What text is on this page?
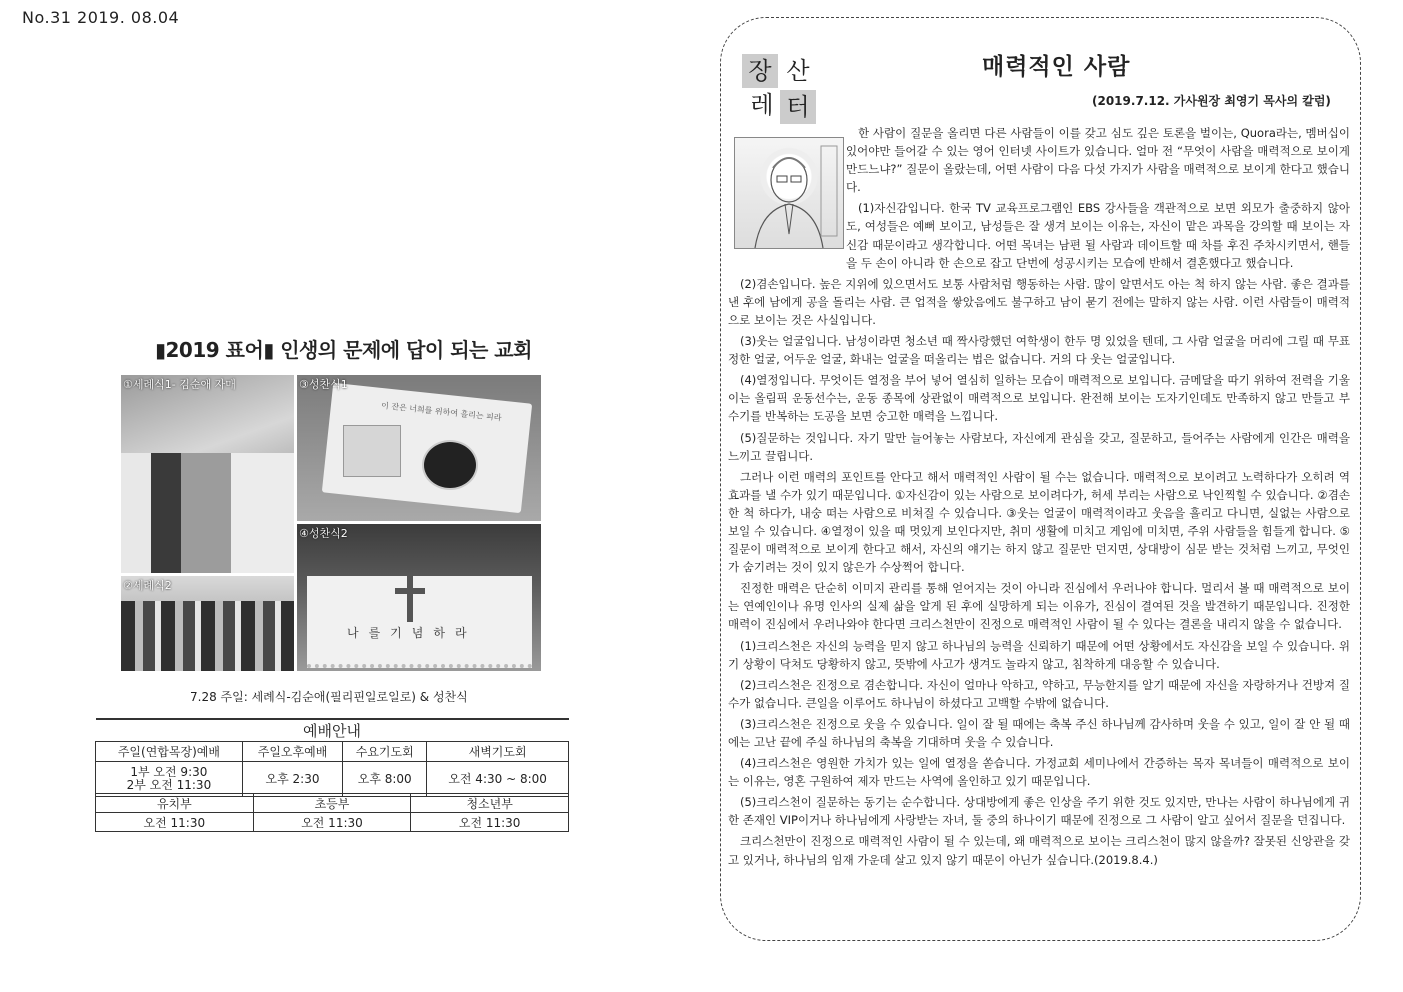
No.31 2019. 08.04
▮2019 표어▮ 인생의 문제에 답이 되는 교회
①세례식1- 김순애 자매
이 잔은 너희를 위하여 흘리는 피라
③성찬식1
나를기념하라
④성찬식2
②세례식2
7.28 주일: 세례식-김순애(필리핀일로일로) & 성찬식
예배안내			
주일(연합목장)예배	주일오후예배	수요기도회	새벽기도회

1부 오전 9:30
2부 오전 11:30	오후 2:30	오후 8:00	오전 4:30 ~ 8:00
유치부	초등부	청소년부
오전 11:30	오전 11:30	오전 11:30
장 산
레 터
매력적인 사람
(2019.7.12. 가사원장 최영기 목사의 칼럼)

한 사람이 질문을 올리면 다른 사람들이 이를 갖고 심도 깊은 토론을 벌이는, Quora라는, 멤버십이 있어야만 들어갈 수 있는 영어 인터넷 사이트가 있습니다. 얼마 전 “무엇이 사람을 매력적으로 보이게 만드느냐?” 질문이 올랐는데, 어떤 사람이 다음 다섯 가지가 사람을 매력적으로 보이게 한다고 했습니다.

(1)자신감입니다. 한국 TV 교육프로그램인 EBS 강사들을 객관적으로 보면 외모가 출중하지 않아도, 여성들은 예뻐 보이고, 남성들은 잘 생겨 보이는 이유는, 자신이 맡은 과목을 강의할 때 보이는 자신감 때문이라고 생각합니다. 어떤 목녀는 남편 될 사람과 데이트할 때 차를 후진 주차시키면서, 핸들을 두 손이 아니라 한 손으로 잡고 단번에 성공시키는 모습에 반해서 결혼했다고 했습니다.

(2)겸손입니다. 높은 지위에 있으면서도 보통 사람처럼 행동하는 사람. 많이 알면서도 아는 척 하지 않는 사람. 좋은 결과를 낸 후에 남에게 공을 돌리는 사람. 큰 업적을 쌓았음에도 불구하고 남이 묻기 전에는 말하지 않는 사람. 이런 사람들이 매력적으로 보이는 것은 사실입니다.

(3)웃는 얼굴입니다. 남성이라면 청소년 때 짝사랑했던 여학생이 한두 명 있었을 텐데, 그 사람 얼굴을 머리에 그릴 때 무표정한 얼굴, 어두운 얼굴, 화내는 얼굴을 떠올리는 법은 없습니다. 거의 다 웃는 얼굴입니다.

(4)열정입니다. 무엇이든 열정을 부어 넣어 열심히 일하는 모습이 매력적으로 보입니다. 금메달을 따기 위하여 전력을 기울이는 올림픽 운동선수는, 운동 종목에 상관없이 매력적으로 보입니다. 완전해 보이는 도자기인데도 만족하지 않고 만들고 부수기를 반복하는 도공을 보면 숭고한 매력을 느낍니다.

(5)질문하는 것입니다. 자기 말만 늘어놓는 사람보다, 자신에게 관심을 갖고, 질문하고, 들어주는 사람에게 인간은 매력을 느끼고 끌립니다.

그러나 이런 매력의 포인트를 안다고 해서 매력적인 사람이 될 수는 없습니다. 매력적으로 보이려고 노력하다가 오히려 역효과를 낼 수가 있기 때문입니다. ①자신감이 있는 사람으로 보이려다가, 허세 부리는 사람으로 낙인찍힐 수 있습니다. ②겸손한 척 하다가, 내숭 떠는 사람으로 비쳐질 수 있습니다. ③웃는 얼굴이 매력적이라고 웃음을 흘리고 다니면, 실없는 사람으로 보일 수 있습니다. ④열정이 있을 때 멋있게 보인다지만, 취미 생활에 미치고 게임에 미치면, 주위 사람들을 힘들게 합니다. ⑤질문이 매력적으로 보이게 한다고 해서, 자신의 얘기는 하지 않고 질문만 던지면, 상대방이 심문 받는 것처럼 느끼고, 무엇인가 숨기려는 것이 있지 않은가 수상쩍어 합니다.

진정한 매력은 단순히 이미지 관리를 통해 얻어지는 것이 아니라 진심에서 우러나야 합니다. 멀리서 볼 때 매력적으로 보이는 연예인이나 유명 인사의 실제 삶을 알게 된 후에 실망하게 되는 이유가, 진심이 결여된 것을 발견하기 때문입니다. 진정한 매력이 진심에서 우러나와야 한다면 크리스천만이 진정으로 매력적인 사람이 될 수 있다는 결론을 내리지 않을 수 없습니다.

(1)크리스천은 자신의 능력을 믿지 않고 하나님의 능력을 신뢰하기 때문에 어떤 상황에서도 자신감을 보일 수 있습니다. 위기 상황이 닥쳐도 당황하지 않고, 뜻밖에 사고가 생겨도 놀라지 않고, 침착하게 대응할 수 있습니다.

(2)크리스천은 진정으로 겸손합니다. 자신이 얼마나 악하고, 약하고, 무능한지를 알기 때문에 자신을 자랑하거나 건방져 질 수가 없습니다. 큰일을 이루어도 하나님이 하셨다고 고백할 수밖에 없습니다.

(3)크리스천은 진정으로 웃을 수 있습니다. 일이 잘 될 때에는 축복 주신 하나님께 감사하며 웃을 수 있고, 일이 잘 안 될 때에는 고난 끝에 주실 하나님의 축복을 기대하며 웃을 수 있습니다.

(4)크리스천은 영원한 가치가 있는 일에 열정을 쏟습니다. 가정교회 세미나에서 간증하는 목자 목녀들이 매력적으로 보이는 이유는, 영혼 구원하여 제자 만드는 사역에 올인하고 있기 때문입니다.

(5)크리스천이 질문하는 동기는 순수합니다. 상대방에게 좋은 인상을 주기 위한 것도 있지만, 만나는 사람이 하나님에게 귀한 존재인 VIP이거나 하나님에게 사랑받는 자녀, 둘 중의 하나이기 때문에 진정으로 그 사람이 알고 싶어서 질문을 던집니다.

크리스천만이 진정으로 매력적인 사람이 될 수 있는데, 왜 매력적으로 보이는 크리스천이 많지 않을까? 잘못된 신앙관을 갖고 있거나, 하나님의 임재 가운데 살고 있지 않기 때문이 아닌가 싶습니다.(2019.8.4.)
